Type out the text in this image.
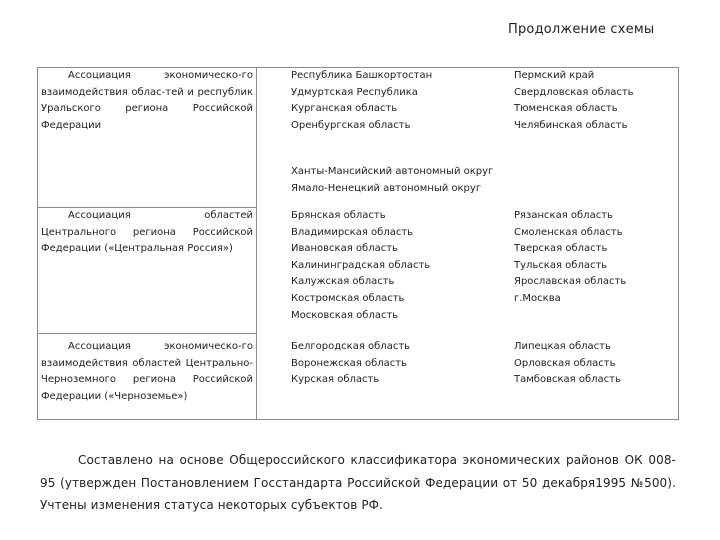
Продолжение схемы
Ассоциация экономическо-го взаимодействия облас-тей и республик Уральского региона Российской Федерации
Республика Башкортостан
Удмуртская Республика
Курганская область
Оренбургская область
Пермский край
Свердловская область
Тюменская область
Челябинская область
Ханты-Мансийский автономный округ
Ямало-Ненецкий автономный округ
Ассоциация областей Центрального региона Российской Федерации («Центральная Россия»)
Брянская область
Владимирская область
Ивановская область
Калининградская область
Калужская область
Костромская область
Московская область
Рязанская область
Смоленская область
Тверская область
Тульская область
Ярославская область
г.Москва
Ассоциация экономическо-го взаимодействия областей Центрально-Черноземного региона Российской Федерации («Черноземье»)
Белгородская область
Воронежская область
Курская область
Липецкая область
Орловская область
Тамбовская область
Составлено на основе Общероссийского классификатора экономических районов ОК 008-95 (утвержден Постановлением Госстандарта Российской Федерации от 50 декабря1995 №500). Учтены изменения статуса некоторых субъектов РФ.
